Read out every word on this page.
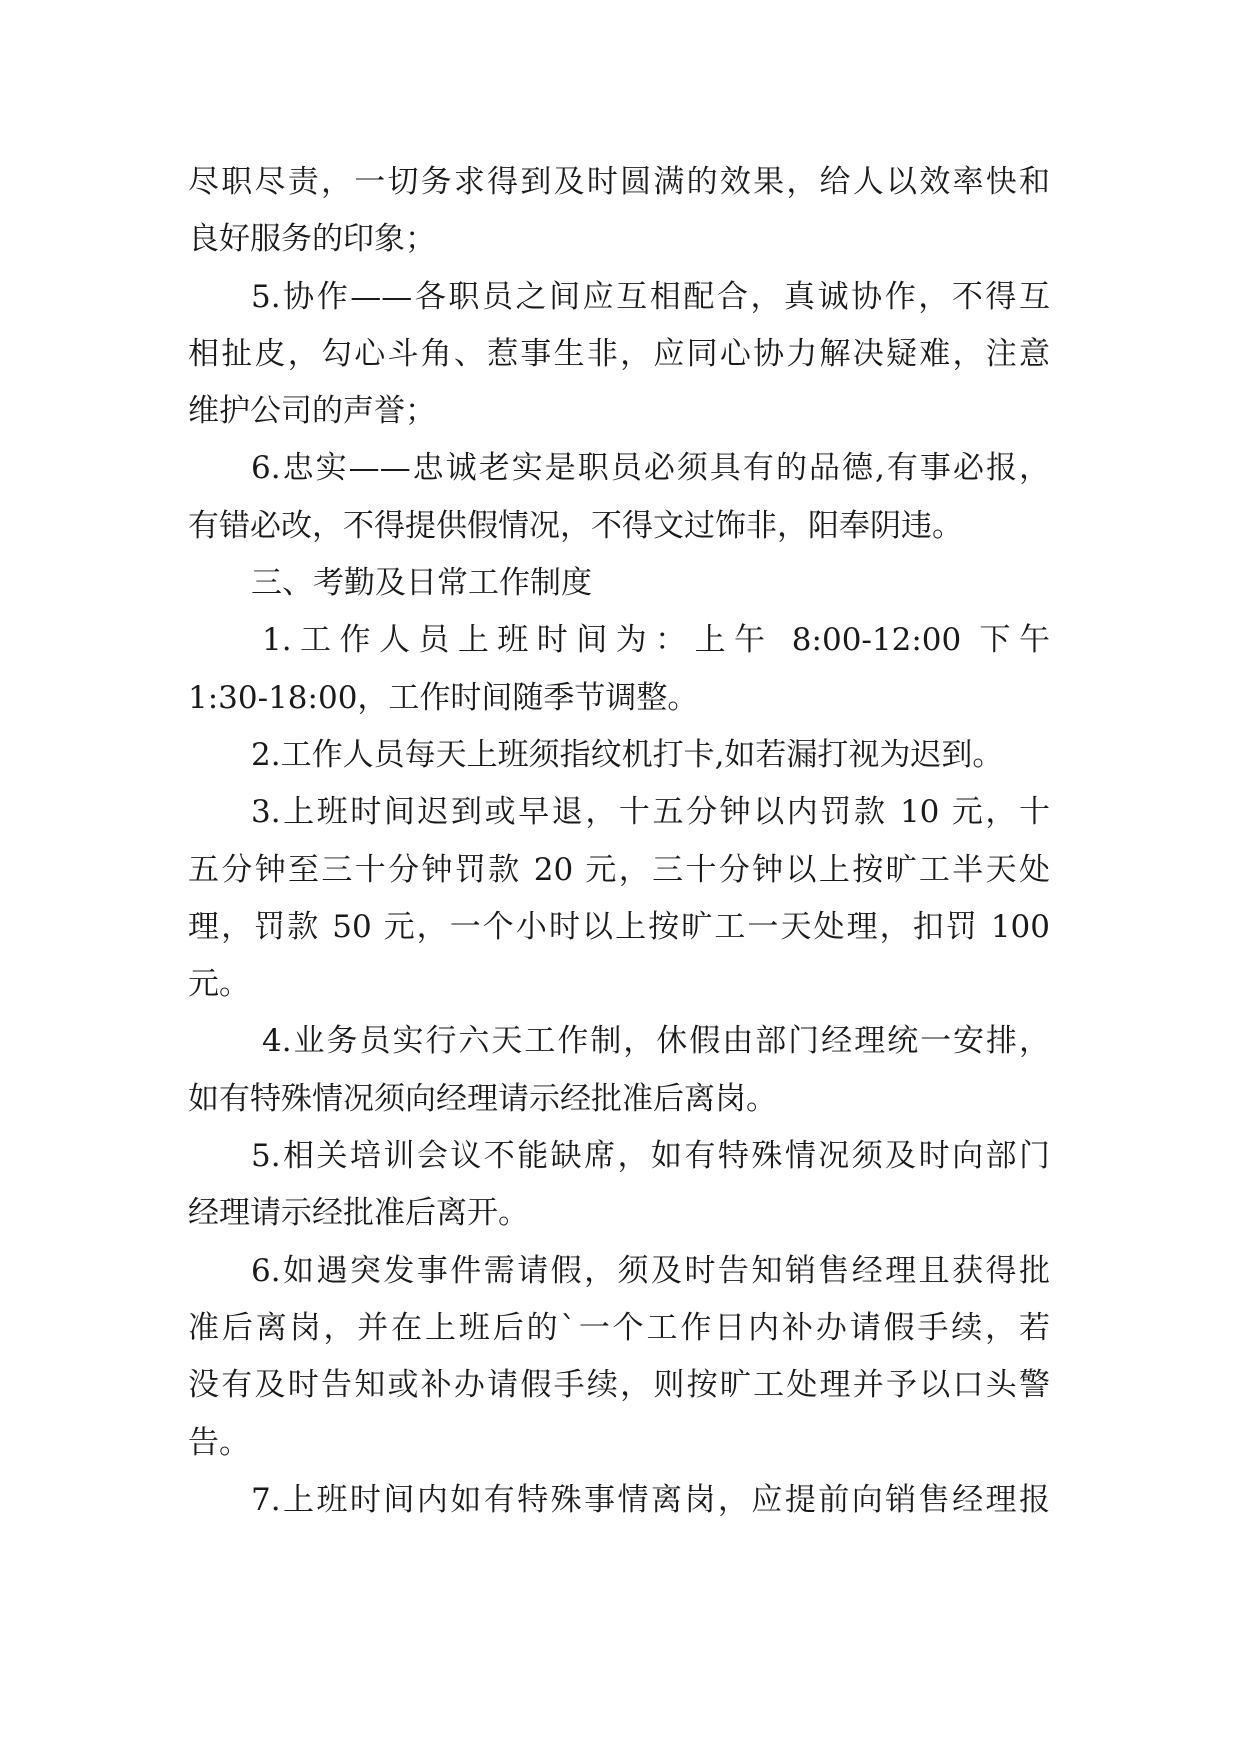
尽职尽责，一切务求得到及时圆满的效果，给人以效率快和
良好服务的印象；
5.协作——各职员之间应互相配合，真诚协作，不得互
相扯皮，勾心斗角、惹事生非，应同心协力解决疑难，注意
维护公司的声誉；
6.忠实——忠诚老实是职员必须具有的品德,有事必报，
有错必改，不得提供假情况，不得文过饰非，阳奉阴违。
三、考勤及日常工作制度
1.工作人员上班时间为：上午 8:00-12:00 下午
1:30-18:00，工作时间随季节调整。
2.工作人员每天上班须指纹机打卡,如若漏打视为迟到。
3.上班时间迟到或早退，十五分钟以内罚款 10 元，十
五分钟至三十分钟罚款 20 元，三十分钟以上按旷工半天处
理，罚款 50 元，一个小时以上按旷工一天处理，扣罚 100
元。
4.业务员实行六天工作制，休假由部门经理统一安排，
如有特殊情况须向经理请示经批准后离岗。
5.相关培训会议不能缺席，如有特殊情况须及时向部门
经理请示经批准后离开。
6.如遇突发事件需请假，须及时告知销售经理且获得批
准后离岗，并在上班后的`一个工作日内补办请假手续，若
没有及时告知或补办请假手续，则按旷工处理并予以口头警
告。
7.上班时间内如有特殊事情离岗，应提前向销售经理报
